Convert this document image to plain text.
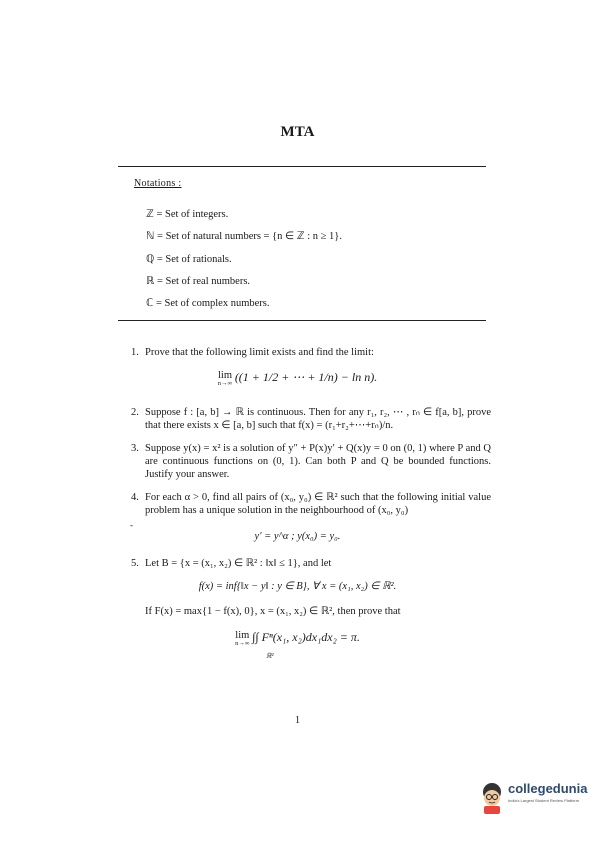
MTA
Notations :
ℤ = Set of integers.
ℕ = Set of natural numbers = {n ∈ ℤ : n ≥ 1}.
ℚ = Set of rationals.
ℝ = Set of real numbers.
ℂ = Set of complex numbers.
1. Prove that the following limit exists and find the limit:
lim
n→∞ ((1 + 1/2 + ⋯ + 1/n) − ln n).
2. Suppose f : [a, b] → ℝ is continuous. Then for any r₁, r₂, ⋯ , rₙ ∈ f[a, b], prove that there exists x ∈ [a, b] such that f(x) = (r₁+r₂+⋯+rₙ)/n.
3. Suppose y(x) = x² is a solution of y″ + P(x)y′ + Q(x)y = 0 on (0, 1) where P and Q are continuous functions on (0, 1). Can both P and Q be bounded functions. Justify your answer.
4. For each α > 0, find all pairs of (x₀, y₀) ∈ ℝ² such that the following initial value problem has a unique solution in the neighbourhood of (x₀, y₀)
-
y′ = y^α ; y(x₀) = y₀.
5. Let B = {x = (x₁, x₂) ∈ ℝ² : ‖x‖ ≤ 1}, and let
f(x) = inf{‖x − y‖ : y ∈ B}, ∀ x = (x₁, x₂) ∈ ℝ².
If F(x) = max{1 − f(x), 0}, x = (x₁, x₂) ∈ ℝ², then prove that
lim
n→∞ ∫∫ Fⁿ(x₁, x₂)dx₁dx₂ = π.
ℝ²
1
collegedunia
India's Largest Student Review Platform
